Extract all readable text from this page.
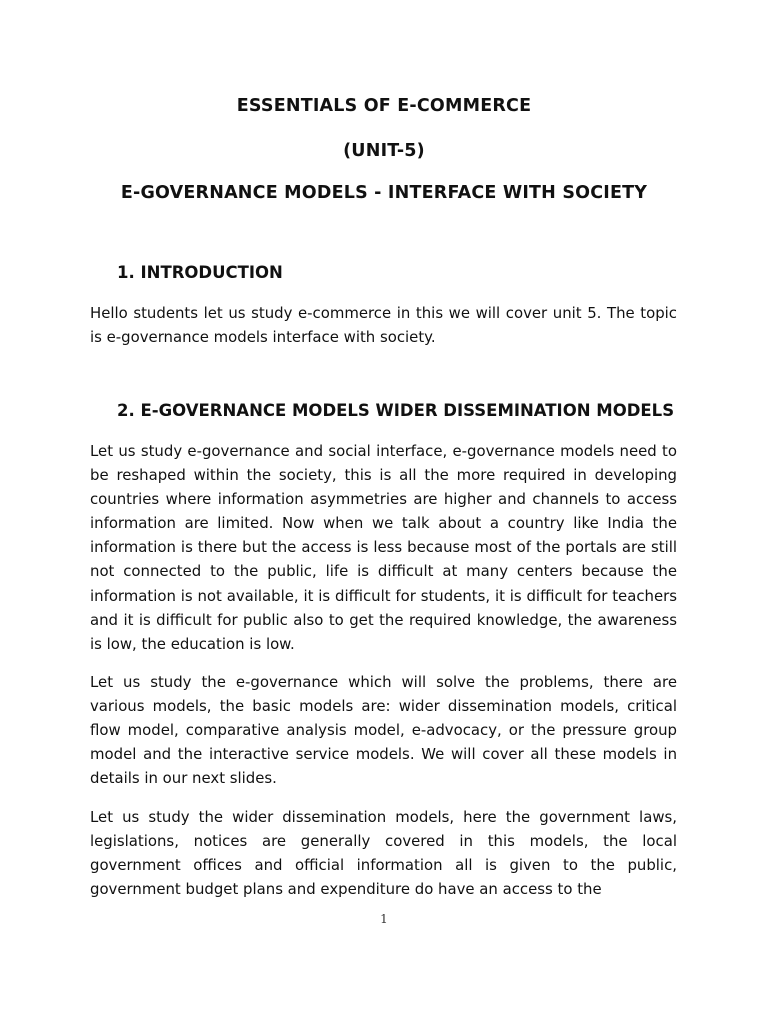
ESSENTIALS OF E-COMMERCE
(UNIT-5)
E-GOVERNANCE MODELS - INTERFACE WITH SOCIETY
1. INTRODUCTION

Hello students let us study e-commerce in this we will cover unit 5. The topic is e-governance models interface with society.

2. E-GOVERNANCE MODELS WIDER DISSEMINATION MODELS

Let us study e-governance and social interface, e-governance models need to be reshaped within the society, this is all the more required in developing countries where information asymmetries are higher and channels to access information are limited. Now when we talk about a country like India the information is there but the access is less because most of the portals are still not connected to the public, life is difficult at many centers because the information is not available, it is difficult for students, it is difficult for teachers and it is difficult for public also to get the required knowledge, the awareness is low, the education is low.

Let us study the e-governance which will solve the problems, there are various models, the basic models are: wider dissemination models, critical flow model, comparative analysis model, e-advocacy, or the pressure group model and the interactive service models. We will cover all these models in details in our next slides.

Let us study the wider dissemination models, here the government laws, legislations, notices are generally covered in this models, the local government offices and official information all is given to the public, government budget plans and expenditure do have an access to the

1
